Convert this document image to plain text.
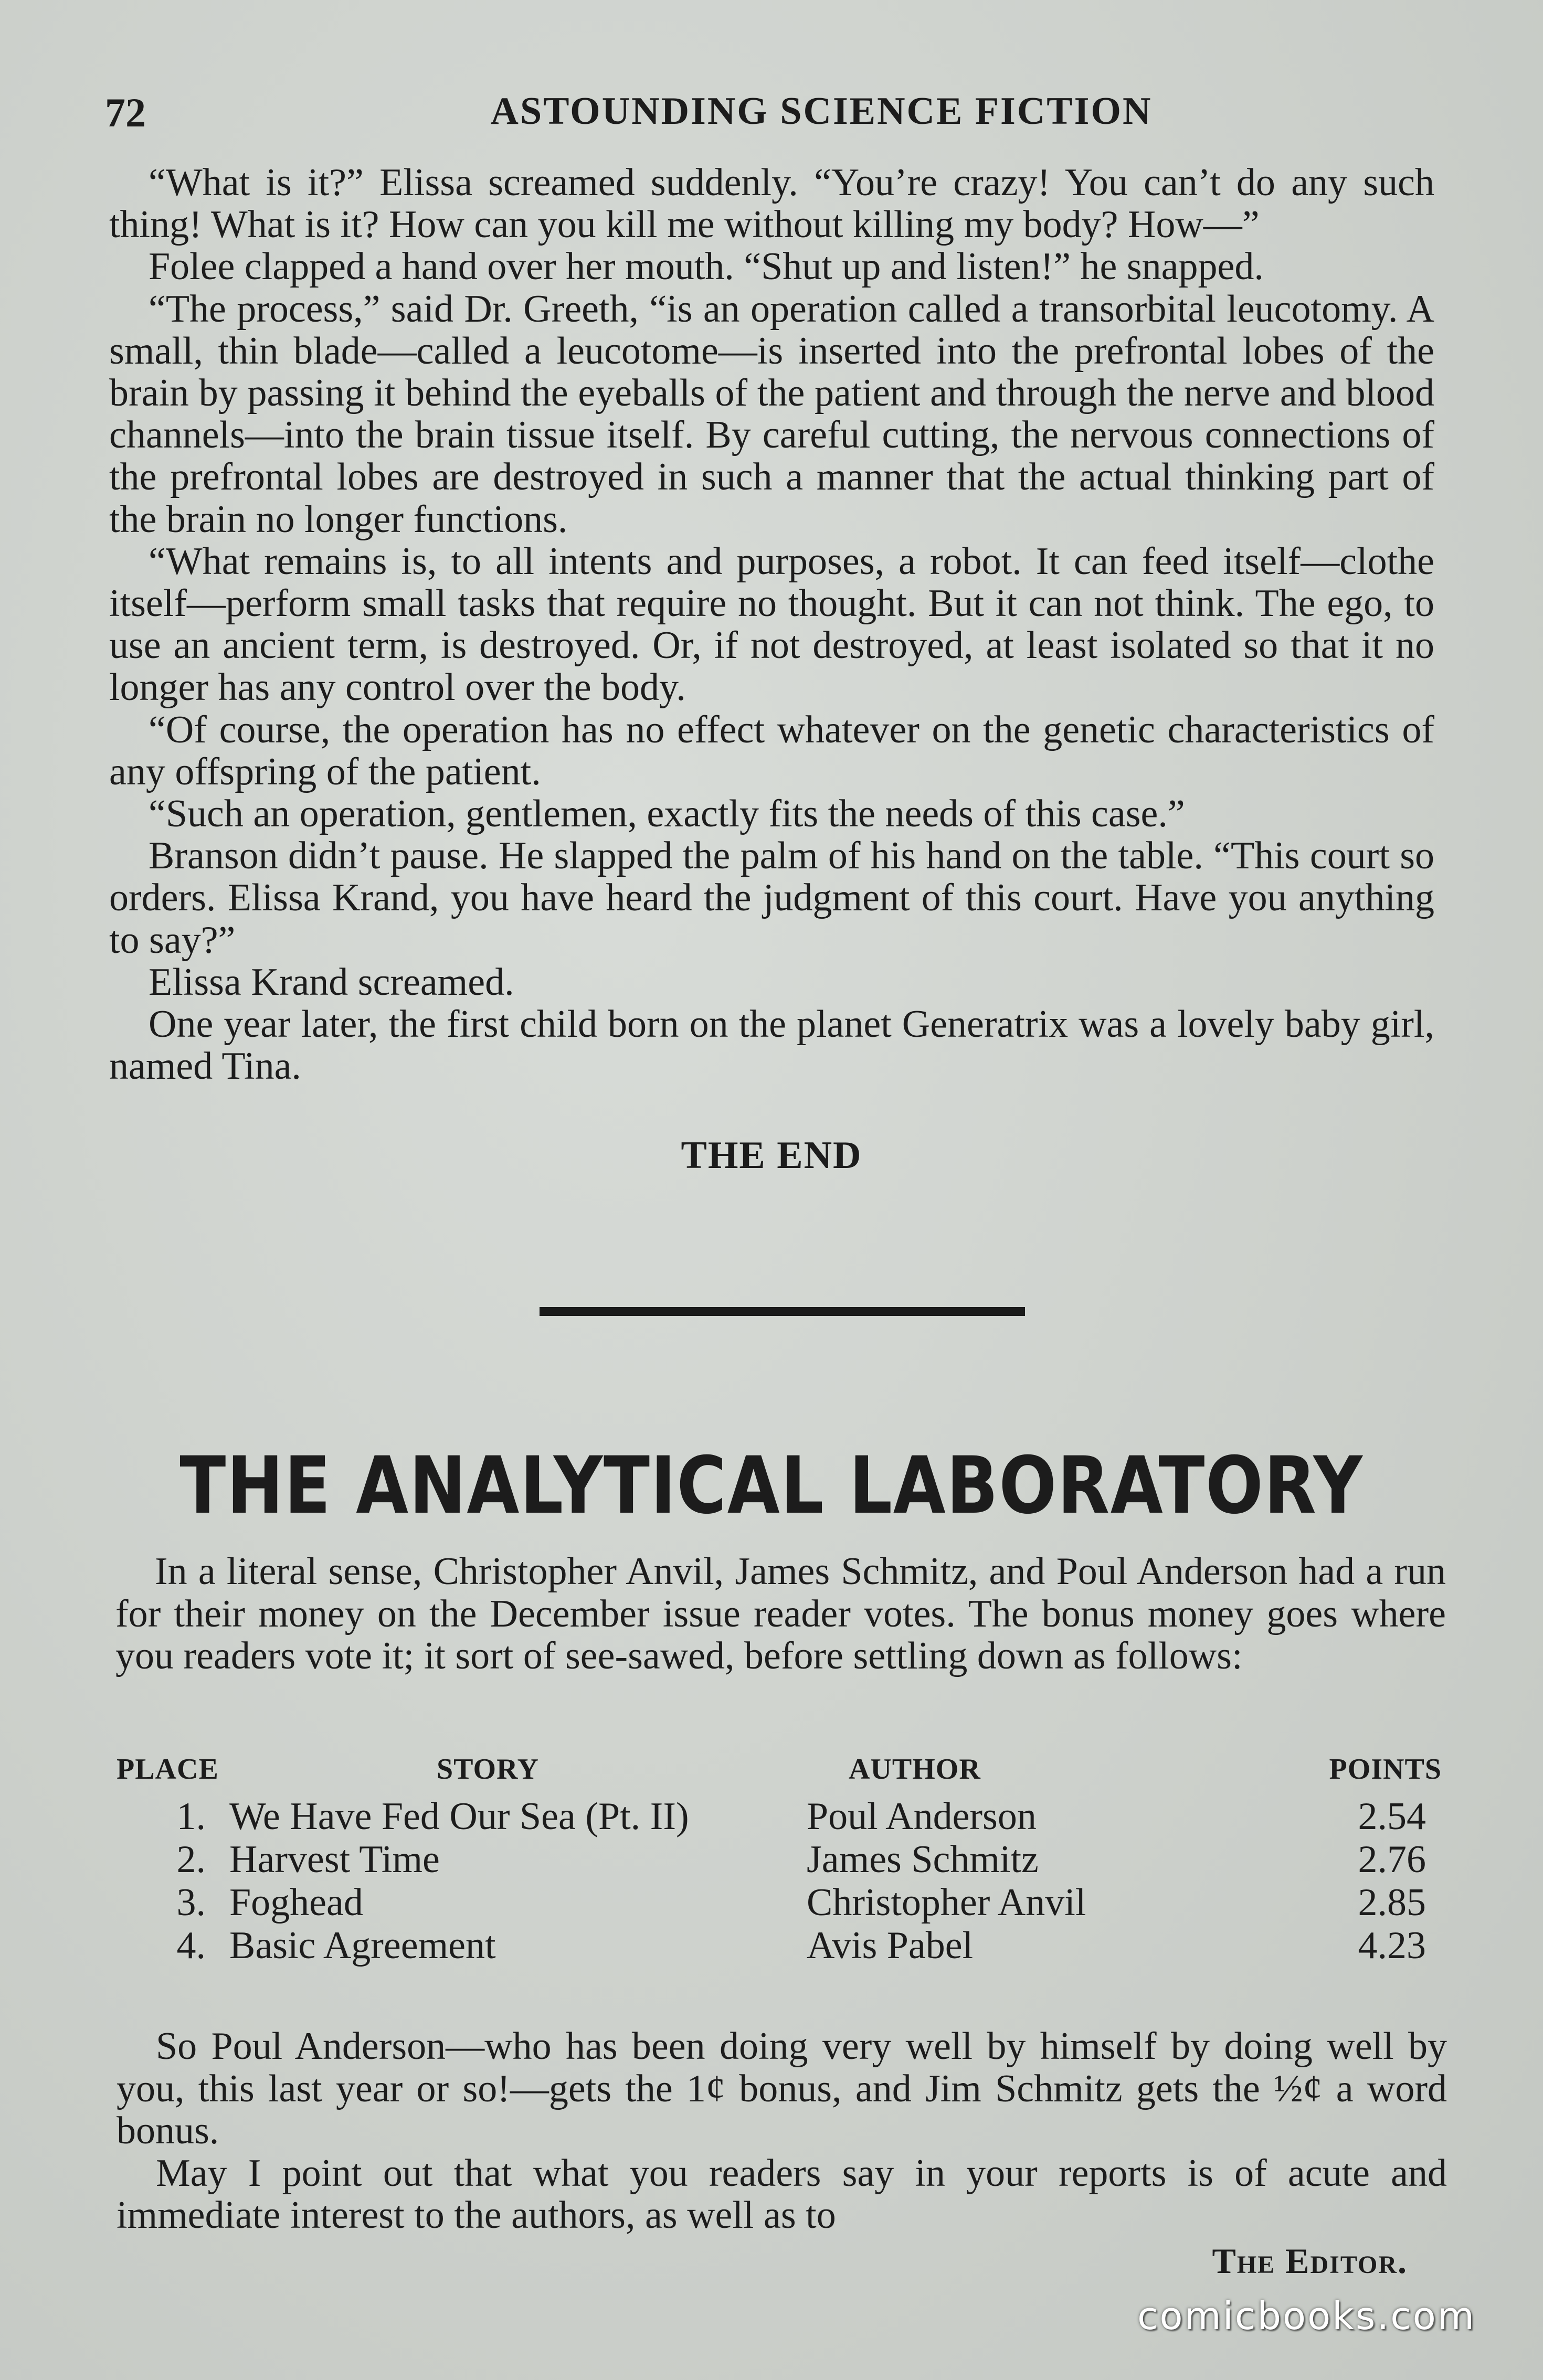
72	ASTOUNDING SCIENCE FICTION

“What is it?” Elissa screamed suddenly. “You’re crazy! You can’t do any such thing! What is it? How can you kill me without killing my body? How—”

Folee clapped a hand over her mouth. “Shut up and listen!” he snapped.

“The process,” said Dr. Greeth, “is an operation called a transorbital leucotomy. A small, thin blade—called a leucotome—is inserted into the prefrontal lobes of the brain by passing it behind the eyeballs of the patient and through the nerve and blood channels—into the brain tissue itself. By careful cutting, the nervous connections of the prefrontal lobes are destroyed in such a manner that the actual thinking part of the brain no longer functions.

“What remains is, to all intents and purposes, a robot. It can feed itself—clothe itself—perform small tasks that require no thought. But it can not think. The ego, to use an ancient term, is destroyed. Or, if not destroyed, at least isolated so that it no longer has any control over the body.

“Of course, the operation has no effect whatever on the genetic characteristics of any offspring of the patient.

“Such an operation, gentlemen, exactly fits the needs of this case.”

Branson didn’t pause. He slapped the palm of his hand on the table. “This court so orders. Elissa Krand, you have heard the judgment of this court. Have you anything to say?”

Elissa Krand screamed.

One year later, the first child born on the planet Generatrix was a lovely baby girl, named Tina.

THE END
THE ANALYTICAL LABORATORY

In a literal sense, Christopher Anvil, James Schmitz, and Poul Anderson had a run for their money on the December issue reader votes. The bonus money goes where you readers vote it; it sort of see-sawed, before settling down as follows:

PLACE	STORY	AUTHOR	POINTS
1. We Have Fed Our Sea (Pt. II)	Poul Anderson	2.54
2. Harvest Time	James Schmitz	2.76
3. Foghead	Christopher Anvil	2.85
4. Basic Agreement	Avis Pabel	4.23

So Poul Anderson—who has been doing very well by himself by doing well by you, this last year or so!—gets the 1¢ bonus, and Jim Schmitz gets the ½¢ a word bonus.

May I point out that what you readers say in your reports is of acute and immediate interest to the authors, as well as to

The Editor.
comicbooks.com
